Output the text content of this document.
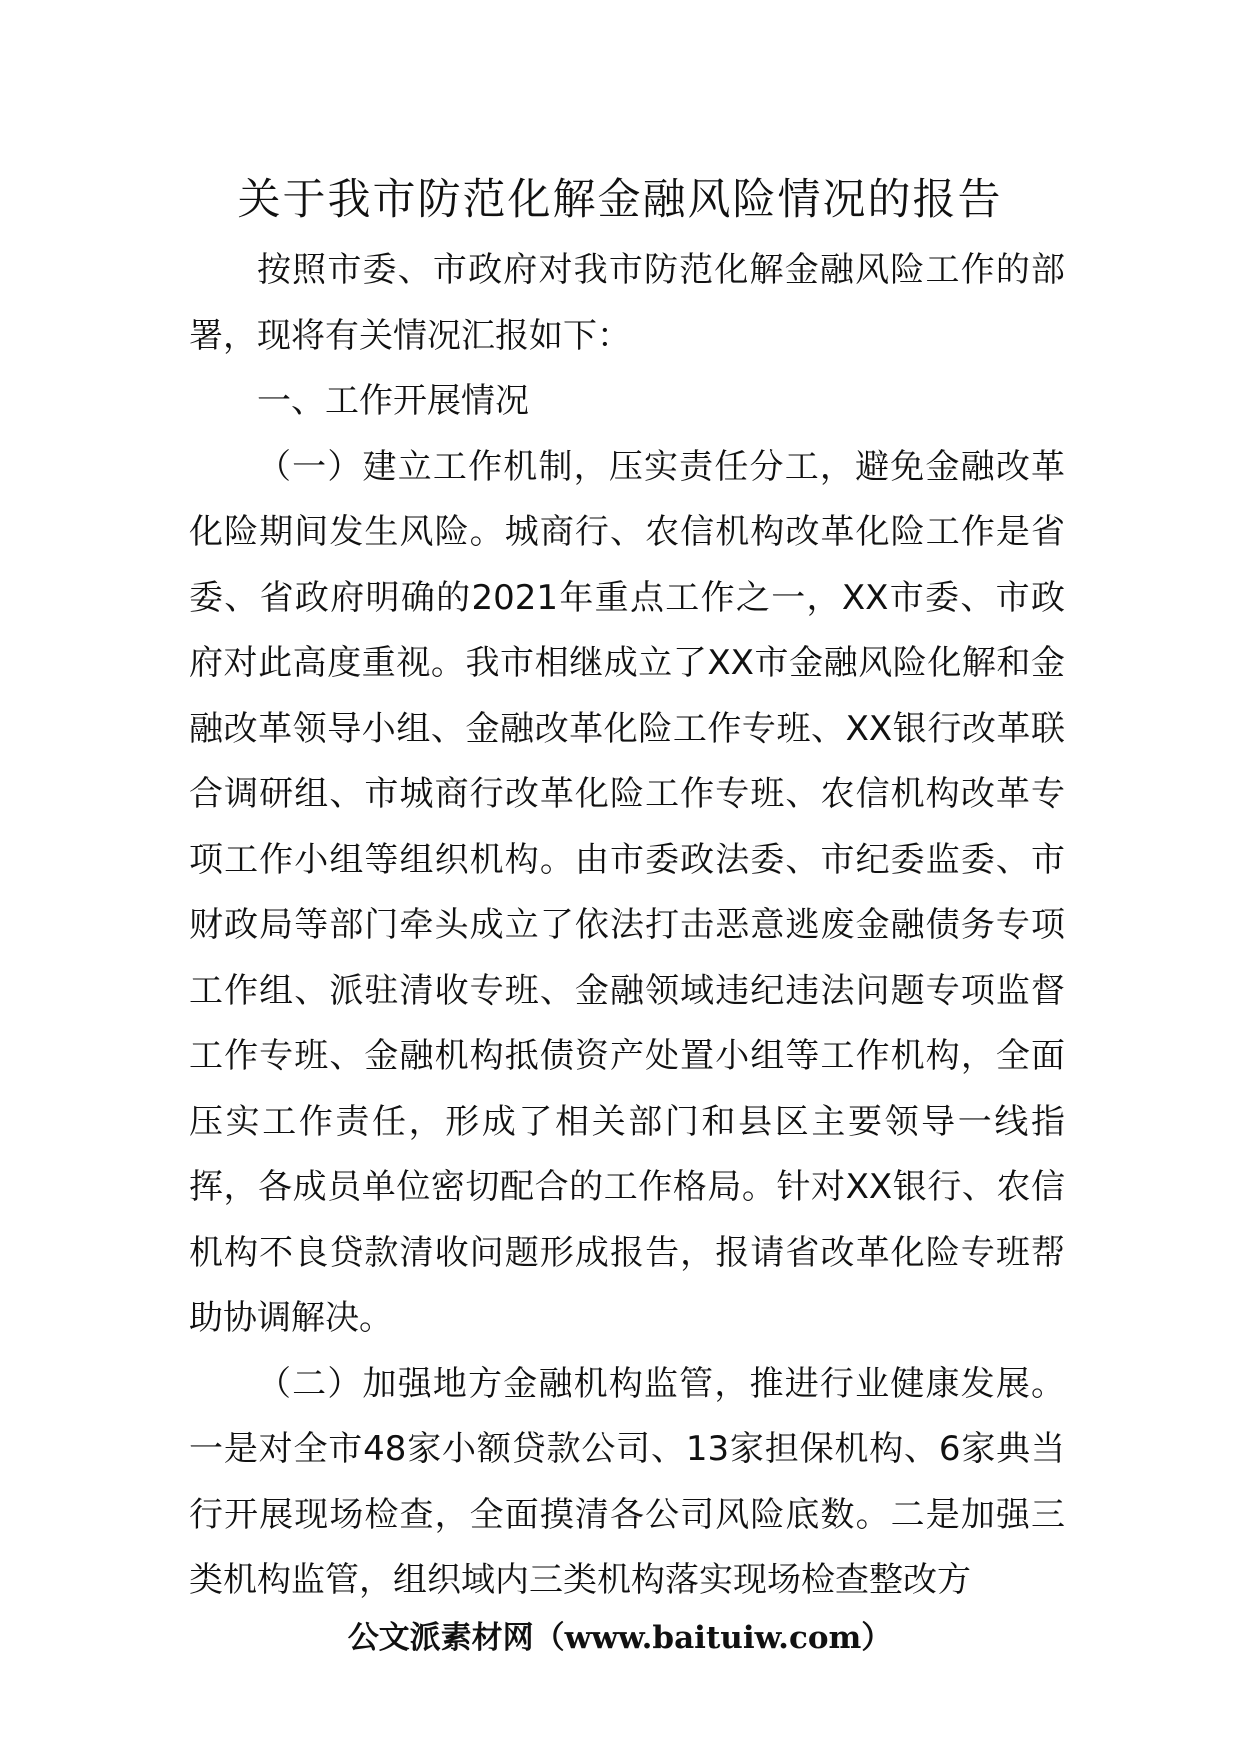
关于我市防范化解金融风险情况的报告

按照市委、市政府对我市防范化解金融风险工作的部署，现将有关情况汇报如下：

一、工作开展情况

（一）建立工作机制，压实责任分工，避免金融改革化险期间发生风险。城商行、农信机构改革化险工作是省委、省政府明确的2021年重点工作之一，XX市委、市政府对此高度重视。我市相继成立了XX市金融风险化解和金融改革领导小组、金融改革化险工作专班、XX银行改革联合调研组、市城商行改革化险工作专班、农信机构改革专项工作小组等组织机构。由市委政法委、市纪委监委、市财政局等部门牵头成立了依法打击恶意逃废金融债务专项工作组、派驻清收专班、金融领域违纪违法问题专项监督工作专班、金融机构抵债资产处置小组等工作机构，全面压实工作责任，形成了相关部门和县区主要领导一线指挥，各成员单位密切配合的工作格局。针对XX银行、农信机构不良贷款清收问题形成报告，报请省改革化险专班帮助协调解决。

（二）加强地方金融机构监管，推进行业健康发展。一是对全市48家小额贷款公司、13家担保机构、6家典当行开展现场检查，全面摸清各公司风险底数。二是加强三类机构监管，组织域内三类机构落实现场检查整改方

公文派素材网（www.baituiw.com）
